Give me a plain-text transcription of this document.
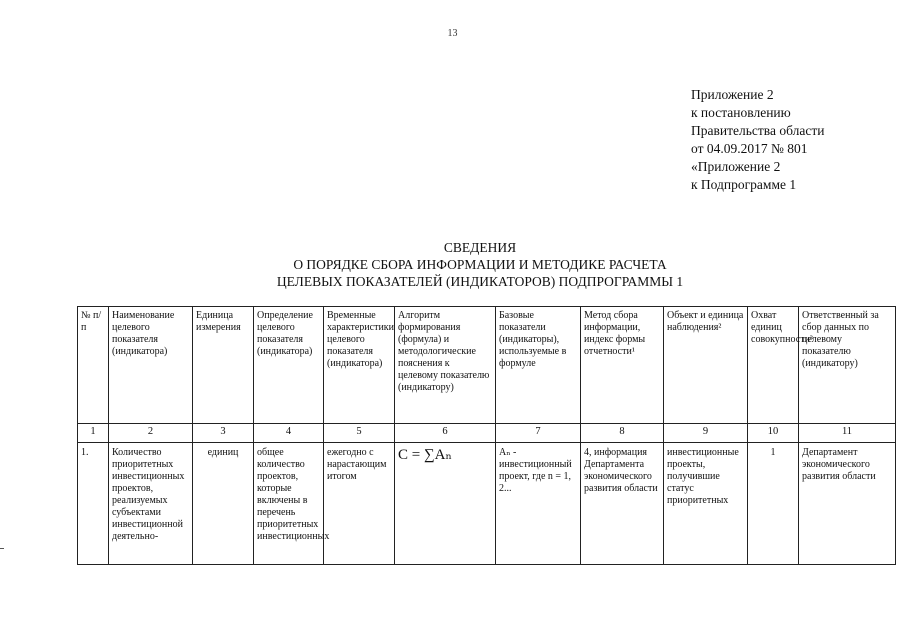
13
Приложение 2
к постановлению
Правительства области
от 04.09.2017 № 801
«Приложение 2
к Подпрограмме 1
СВЕДЕНИЯ
О ПОРЯДКЕ СБОРА ИНФОРМАЦИИ И МЕТОДИКЕ РАСЧЕТА
ЦЕЛЕВЫХ ПОКАЗАТЕЛЕЙ (ИНДИКАТОРОВ) ПОДПРОГРАММЫ 1
№ п/п	Наименование целевого показателя (индикатора)	Единица измерения	Определение целевого показателя (индикатора)	Временные характеристики целевого показателя (индикатора)	Алгоритм формирования (формула) и методологические пояснения к целевому показателю (индикатору)	Базовые показатели (индикаторы), используемые в формуле	Метод сбора информации, индекс формы отчетности¹	Объект и единица наблюдения²	Охват единиц совокупности³	Ответственный за сбор данных по целевому показателю (индикатору)
1	2	3	4	5	6	7	8	9	10	11
1.	Количество приоритетных инвестиционных проектов, реализуемых субъектами инвестиционной деятельно-	единиц	общее количество проектов, которые включены в перечень приоритетных инвестиционных	ежегодно с нарастающим итогом	C = ∑Aₙ	Aₙ - инвестиционный проект, где n = 1, 2...	4, информация Департамента экономического развития области	инвестиционные проекты, получившие статус приоритетных	1	Департамент экономического развития области
